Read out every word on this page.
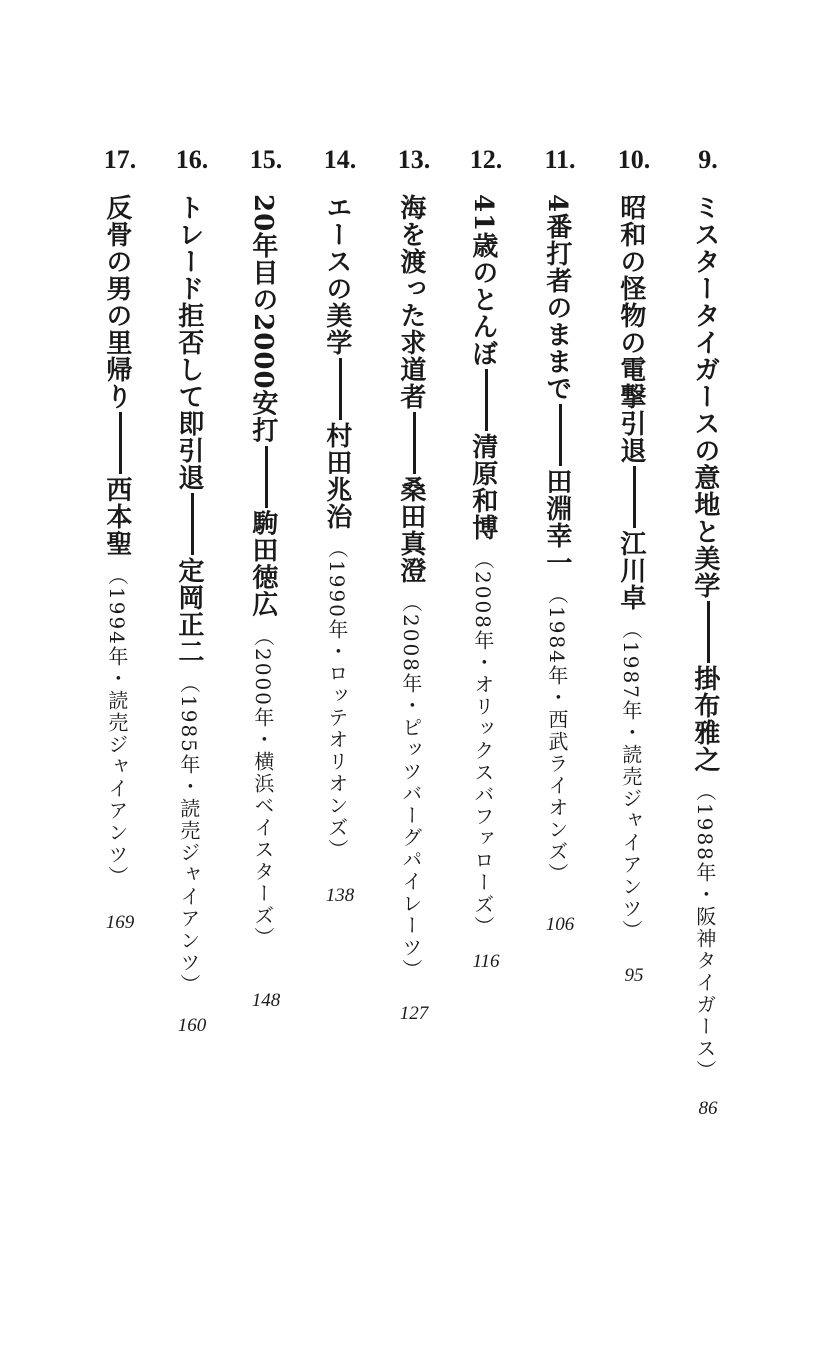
9.
ミスタータイガースの意地と美学掛布雅之（1988年・阪神タイガース）
86
10.
昭和の怪物の電撃引退江川卓（1987年・読売ジャイアンツ）
95
11.
4番打者のままで田淵幸一（1984年・西武ライオンズ）
106
12.
41歳のとんぼ清原和博（2008年・オリックスバファローズ）
116
13.
海を渡った求道者桑田真澄（2008年・ピッツバーグパイレーツ）
127
14.
エースの美学村田兆治（1990年・ロッテオリオンズ）
138
15.
20年目の2000安打駒田徳広（2000年・横浜ベイスターズ）
148
16.
トレード拒否して即引退定岡正二（1985年・読売ジャイアンツ）
160
17.
反骨の男の里帰り西本聖（1994年・読売ジャイアンツ）
169
